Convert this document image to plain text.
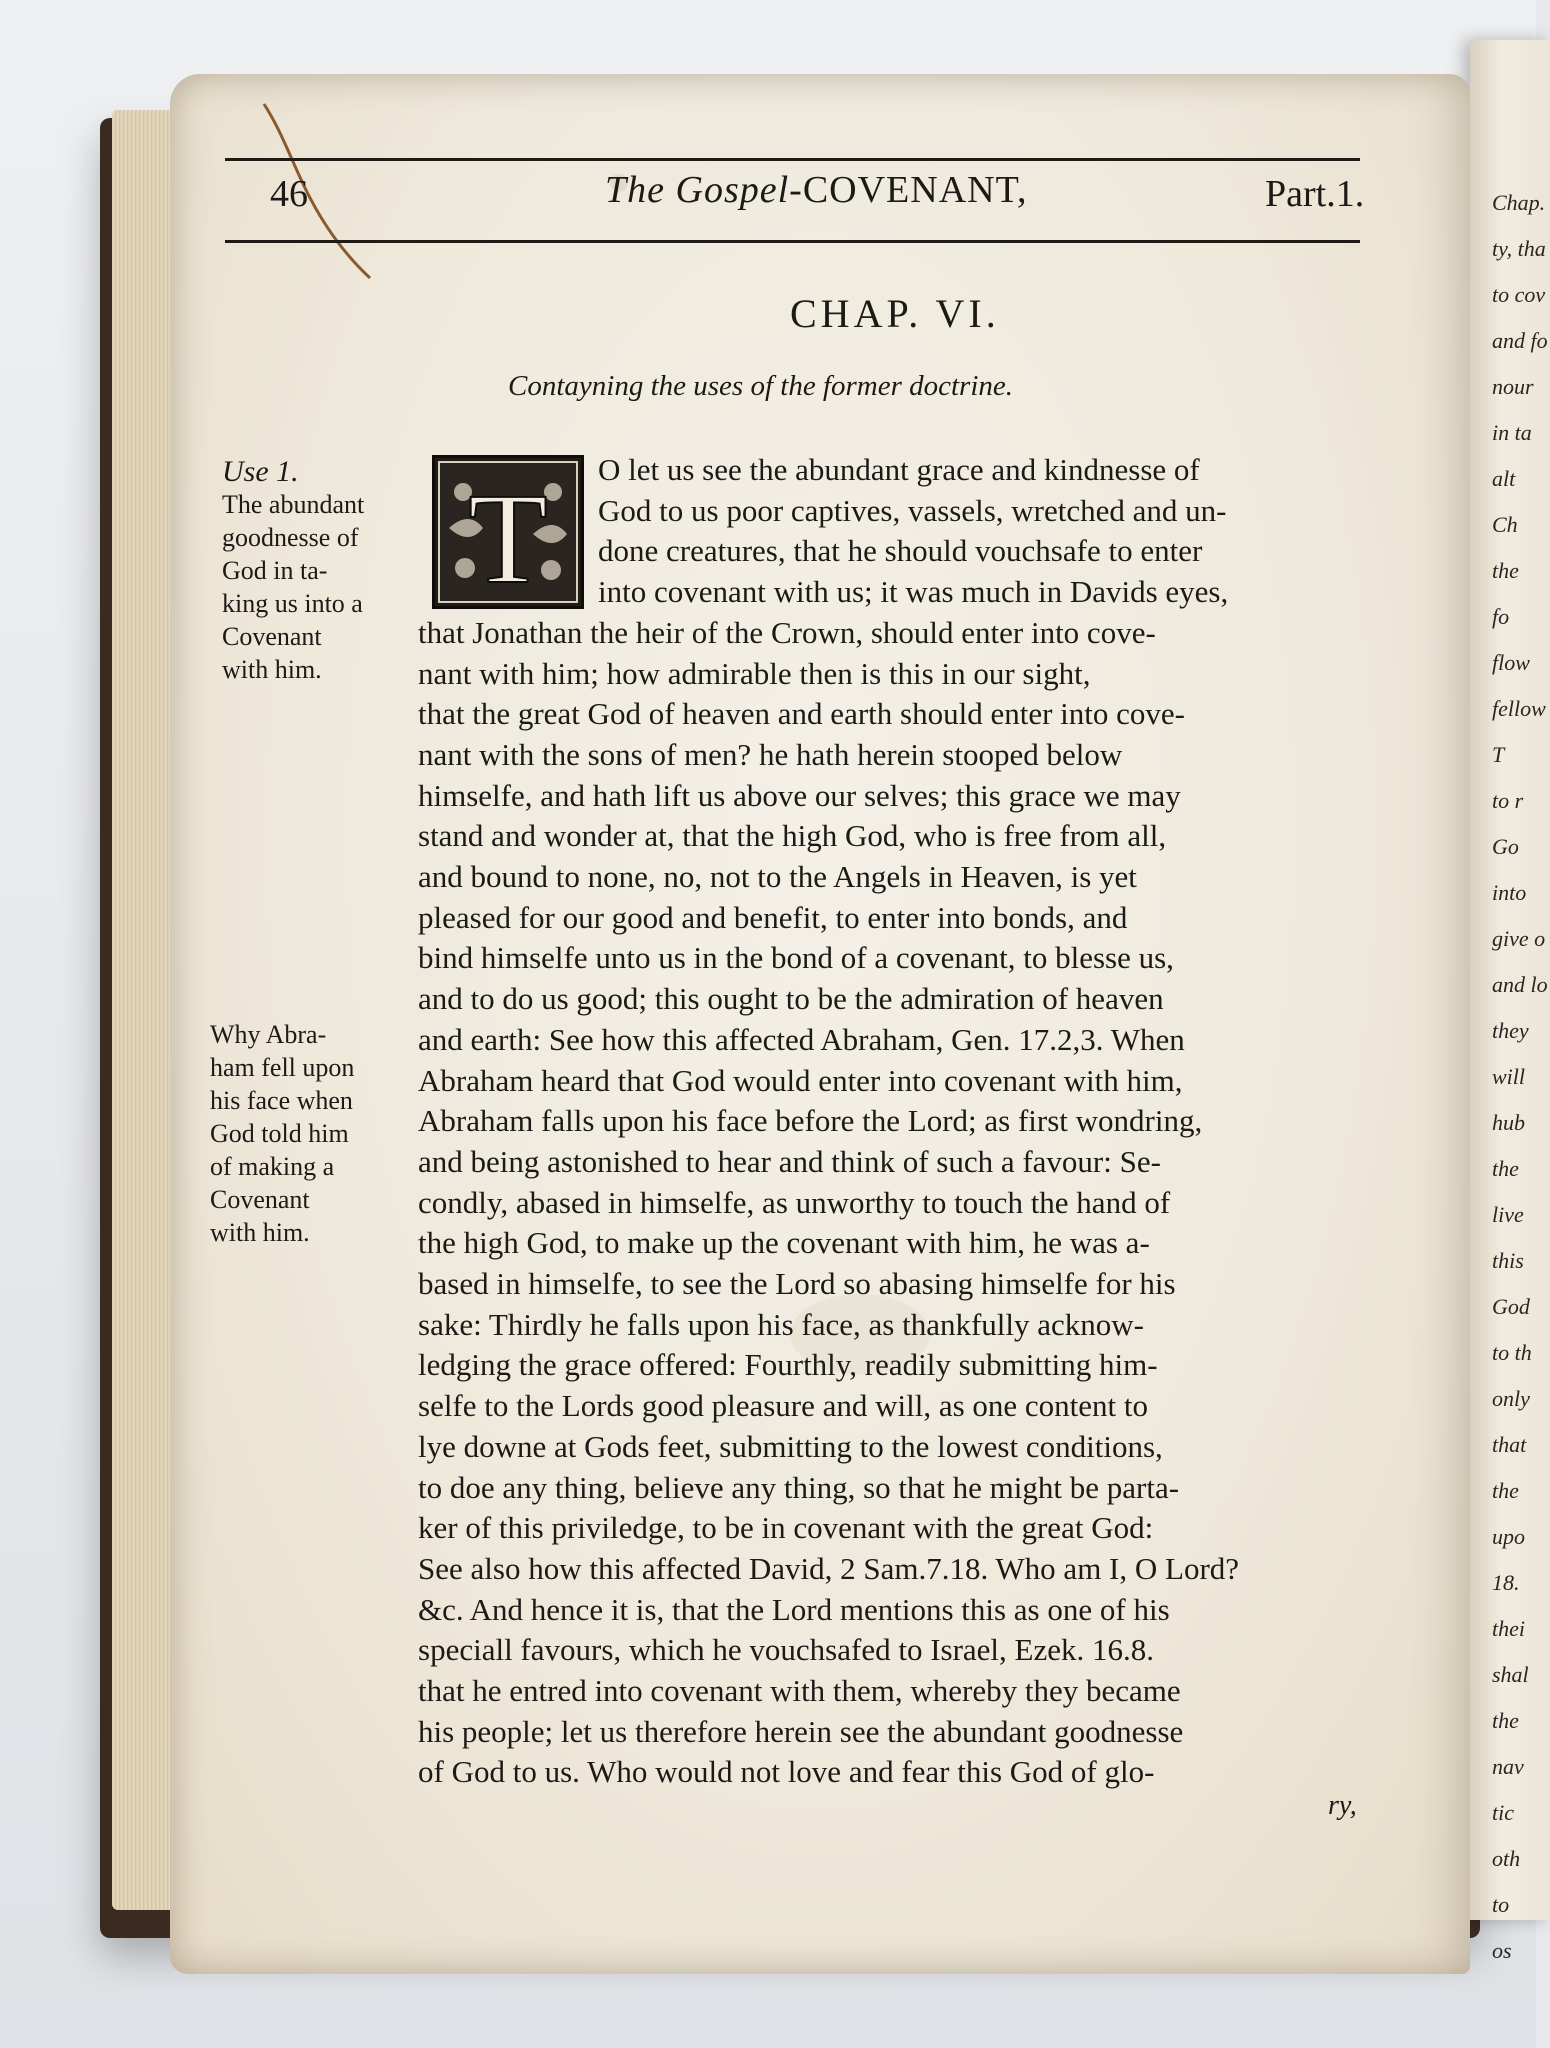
Chap.
ty, tha
to cov
and fo
nour
in ta
alt
Ch
the
fo
flow
fellow
T
to r
Go
into
give o
and lo
they
will
hub
the
live
this
God
to th
only
that
the
upo
18.
thei
shal
the
nav
tic
oth
to
os
46	The Gospel-COVENANT,	Part.1.
CHAP. VI.
Contayning the uses of the former doctrine.
Use 1.
The abundant
goodnesse of
God in ta-
king us into a
Covenant
with him.
Why Abra-
ham fell upon
his face when
God told him
of making a
Covenant
with him.
T O let us see the abundant grace and kindnesse of
God to us poor captives, vassels, wretched and un-
done creatures, that he should vouchsafe to enter
into covenant with us; it was much in Davids eyes,
that Jonathan the heir of the Crown, should enter into cove-
nant with him; how admirable then is this in our sight,
that the great God of heaven and earth should enter into cove-
nant with the sons of men? he hath herein stooped below
himselfe, and hath lift us above our selves; this grace we may
stand and wonder at, that the high God, who is free from all,
and bound to none, no, not to the Angels in Heaven, is yet
pleased for our good and benefit, to enter into bonds, and
bind himselfe unto us in the bond of a covenant, to blesse us,
and to do us good; this ought to be the admiration of heaven
and earth: See how this affected Abraham, Gen. 17.2,3. When
Abraham heard that God would enter into covenant with him,
Abraham falls upon his face before the Lord; as first wondring,
and being astonished to hear and think of such a favour: Se-
condly, abased in himselfe, as unworthy to touch the hand of
the high God, to make up the covenant with him, he was a-
based in himselfe, to see the Lord so abasing himselfe for his
sake: Thirdly he falls upon his face, as thankfully acknow-
ledging the grace offered: Fourthly, readily submitting him-
selfe to the Lords good pleasure and will, as one content to
lye downe at Gods feet, submitting to the lowest conditions,
to doe any thing, believe any thing, so that he might be parta-
ker of this priviledge, to be in covenant with the great God:
See also how this affected David, 2 Sam.7.18. Who am I, O Lord?
&c. And hence it is, that the Lord mentions this as one of his
speciall favours, which he vouchsafed to Israel, Ezek. 16.8.
that he entred into covenant with them, whereby they became
his people; let us therefore herein see the abundant goodnesse
of God to us. Who would not love and fear this God of glo-
ry,
